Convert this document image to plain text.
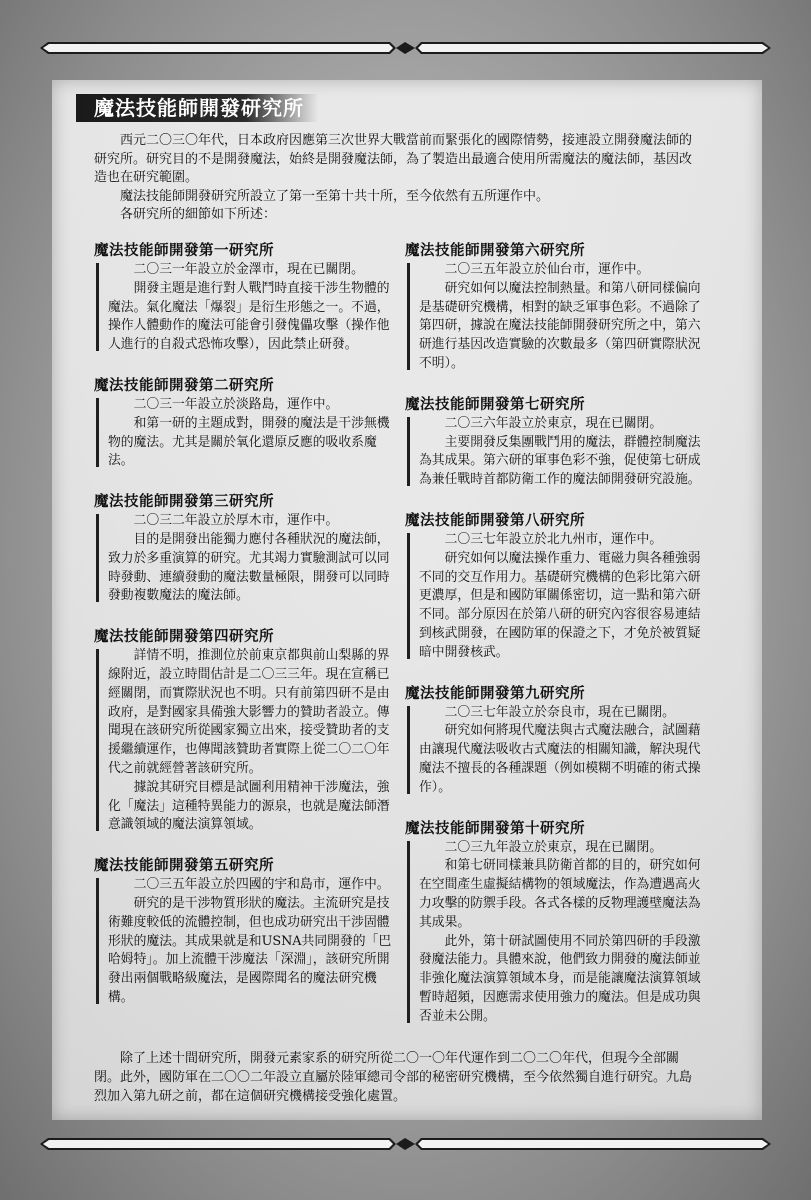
魔法技能師開發研究所

西元二〇三〇年代，日本政府因應第三次世界大戰當前而緊張化的國際情勢，接連設立開發魔法師的研究所。研究目的不是開發魔法，始終是開發魔法師，為了製造出最適合使用所需魔法的魔法師，基因改造也在研究範圍。

魔法技能師開發研究所設立了第一至第十共十所，至今依然有五所運作中。

各研究所的細節如下所述：

魔法技能師開發第一研究所

二〇三一年設立於金澤市，現在已關閉。

開發主題是進行對人戰鬥時直接干涉生物體的魔法。氣化魔法「爆裂」是衍生形態之一。不過，操作人體動作的魔法可能會引發傀儡攻擊（操作他人進行的自殺式恐怖攻擊），因此禁止研發。

魔法技能師開發第二研究所

二〇三一年設立於淡路島，運作中。

和第一研的主題成對，開發的魔法是干涉無機物的魔法。尤其是關於氧化還原反應的吸收系魔法。

魔法技能師開發第三研究所

二〇三二年設立於厚木市，運作中。

目的是開發出能獨力應付各種狀況的魔法師，致力於多重演算的研究。尤其竭力實驗測試可以同時發動、連續發動的魔法數量極限，開發可以同時發動複數魔法的魔法師。

魔法技能師開發第四研究所

詳情不明，推測位於前東京都與前山梨縣的界線附近，設立時間估計是二〇三三年。現在宣稱已經關閉，而實際狀況也不明。只有前第四研不是由政府，是對國家具備強大影響力的贊助者設立。傳聞現在該研究所從國家獨立出來，接受贊助者的支援繼續運作，也傳聞該贊助者實際上從二〇二〇年代之前就經營著該研究所。

據說其研究目標是試圖利用精神干涉魔法，強化「魔法」這種特異能力的源泉，也就是魔法師潛意識領域的魔法演算領域。

魔法技能師開發第五研究所

二〇三五年設立於四國的宇和島市，運作中。

研究的是干涉物質形狀的魔法。主流研究是技術難度較低的流體控制，但也成功研究出干涉固體形狀的魔法。其成果就是和USNA共同開發的「巴哈姆特」。加上流體干涉魔法「深淵」，該研究所開發出兩個戰略級魔法，是國際聞名的魔法研究機構。

魔法技能師開發第六研究所

二〇三五年設立於仙台市，運作中。

研究如何以魔法控制熱量。和第八研同樣偏向是基礎研究機構，相對的缺乏軍事色彩。不過除了第四研，據說在魔法技能師開發研究所之中，第六研進行基因改造實驗的次數最多（第四研實際狀況不明）。

魔法技能師開發第七研究所

二〇三六年設立於東京，現在已關閉。

主要開發反集團戰鬥用的魔法，群體控制魔法為其成果。第六研的軍事色彩不強，促使第七研成為兼任戰時首都防衛工作的魔法師開發研究設施。

魔法技能師開發第八研究所

二〇三七年設立於北九州市，運作中。

研究如何以魔法操作重力、電磁力與各種強弱不同的交互作用力。基礎研究機構的色彩比第六研更濃厚，但是和國防軍關係密切，這一點和第六研不同。部分原因在於第八研的研究內容很容易連結到核武開發，在國防軍的保證之下，才免於被質疑暗中開發核武。

魔法技能師開發第九研究所

二〇三七年設立於奈良市，現在已關閉。

研究如何將現代魔法與古式魔法融合，試圖藉由讓現代魔法吸收古式魔法的相關知識，解決現代魔法不擅長的各種課題（例如模糊不明確的術式操作）。

魔法技能師開發第十研究所

二〇三九年設立於東京，現在已關閉。

和第七研同樣兼具防衛首都的目的，研究如何在空間產生虛擬結構物的領域魔法，作為遭遇高火力攻擊的防禦手段。各式各樣的反物理護壁魔法為其成果。

此外，第十研試圖使用不同於第四研的手段激發魔法能力。具體來說，他們致力開發的魔法師並非強化魔法演算領域本身，而是能讓魔法演算領域暫時超頻，因應需求使用強力的魔法。但是成功與否並未公開。

除了上述十間研究所，開發元素家系的研究所從二〇一〇年代運作到二〇二〇年代，但現今全部關閉。此外，國防軍在二〇〇二年設立直屬於陸軍總司令部的秘密研究機構，至今依然獨自進行研究。九島烈加入第九研之前，都在這個研究機構接受強化處置。
